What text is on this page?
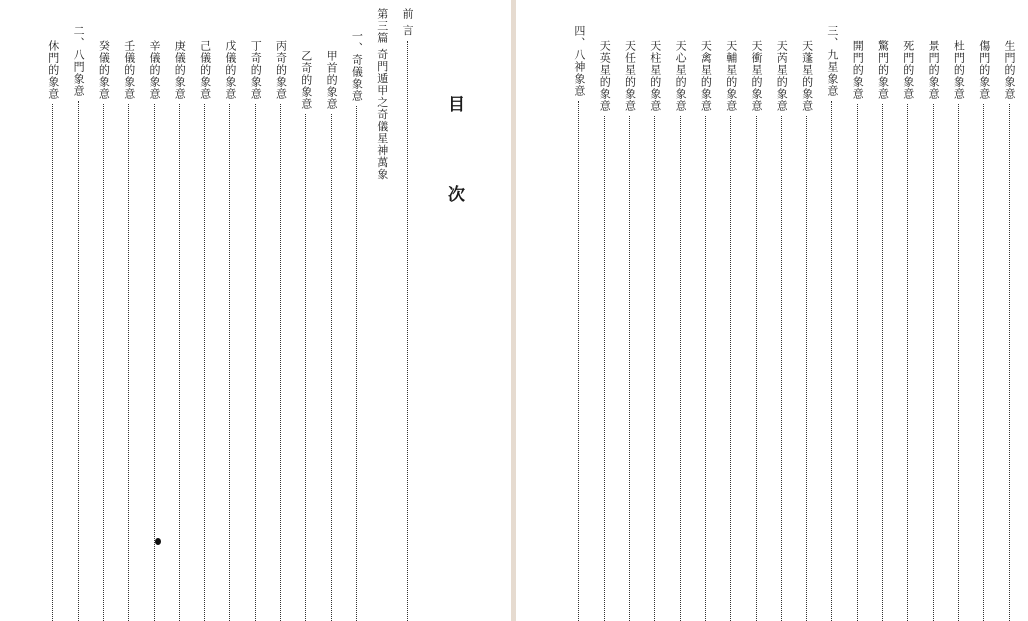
目
次
前 言
第三篇 奇門遁甲之奇儀星神萬象
一、奇儀象意
甲首的象意
乙奇的象意
丙奇的象意
丁奇的象意
戊儀的象意
己儀的象意
庚儀的象意
辛儀的象意
壬儀的象意
癸儀的象意
二、八門象意
休門的象意	生門的象意
傷門的象意
杜門的象意
景門的象意
死門的象意
驚門的象意
開門的象意
三、九星象意
天蓬星的象意
天芮星的象意
天衝星的象意
天輔星的象意
天禽星的象意
天心星的象意
天柱星的象意
天任星的象意
天英星的象意
四、八神象意
